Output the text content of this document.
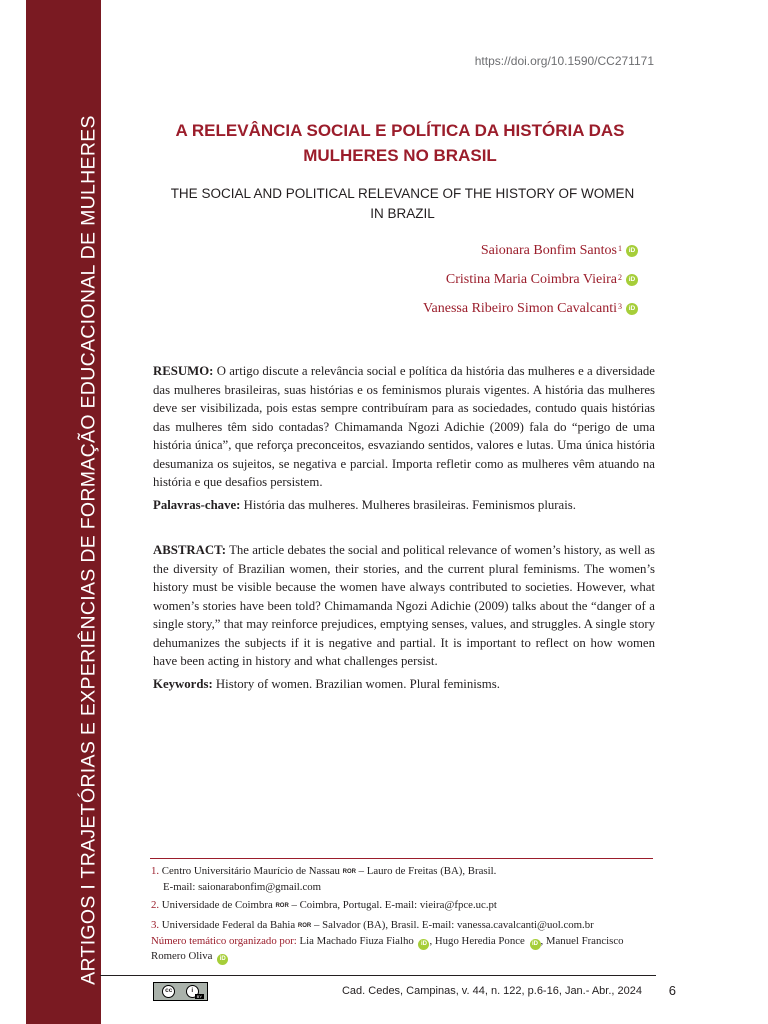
ARTIGOS I TRAJETÓRIAS E EXPERIÊNCIAS DE FORMAÇÃO EDUCACIONAL DE MULHERES
https://doi.org/10.1590/CC271171
A RELEVÂNCIA SOCIAL E POLÍTICA DA HISTÓRIA DAS
MULHERES NO BRASIL
THE SOCIAL AND POLITICAL RELEVANCE OF THE HISTORY OF WOMEN
IN BRAZIL
Saionara Bonfim Santos$^1$	iD
Cristina Maria Coimbra Vieira$^2$	iD
Vanessa Ribeiro Simon Cavalcanti$^3$	iD
RESUMO: O artigo discute a relevância social e política da história das mulheres e a diversidade das mulheres brasileiras, suas histórias e os feminismos plurais vigentes. A história das mulheres deve ser visibilizada, pois estas sempre contribuíram para as sociedades, contudo quais histórias das mulheres têm sido contadas? Chimamanda Ngozi Adichie (2009) fala do “perigo de uma história única”, que reforça preconceitos, esvaziando sentidos, valores e lutas. Uma única história desumaniza os sujeitos, se negativa e parcial. Importa refletir como as mulheres vêm atuando na história e que desafios persistem.
Palavras-chave: História das mulheres. Mulheres brasileiras. Feminismos plurais.
ABSTRACT: The article debates the social and political relevance of women’s history, as well as the diversity of Brazilian women, their stories, and the current plural feminisms. The women’s history must be visible because the women have always contributed to societies. However, what women’s stories have been told? Chimamanda Ngozi Adichie (2009) talks about the “danger of a single story,” that may reinforce prejudices, emptying senses, values, and struggles. A single story dehumanizes the subjects if it is negative and partial. It is important to reflect on how women have been acting in history and what challenges persist.
Keywords: History of women. Brazilian women. Plural feminisms.
1. Centro Universitário Maurício de Nassau ROR – Lauro de Freitas (BA), Brasil.
E-mail: saionarabonfim@gmail.com
2. Universidade de Coimbra ROR – Coimbra, Portugal. E-mail: vieira@fpce.uc.pt
3. Universidade Federal da Bahia ROR – Salvador (BA), Brasil. E-mail: vanessa.cavalcanti@uol.com.br
Número temático organizado por: Lia Machado Fiuza Fialho iD , Hugo Heredia Ponce iD , Manuel Francisco Romero Oliva iD
cc	i
BY	Cad. Cedes, Campinas, v. 44, n. 122, p.6-16, Jan.- Abr., 2024 6
